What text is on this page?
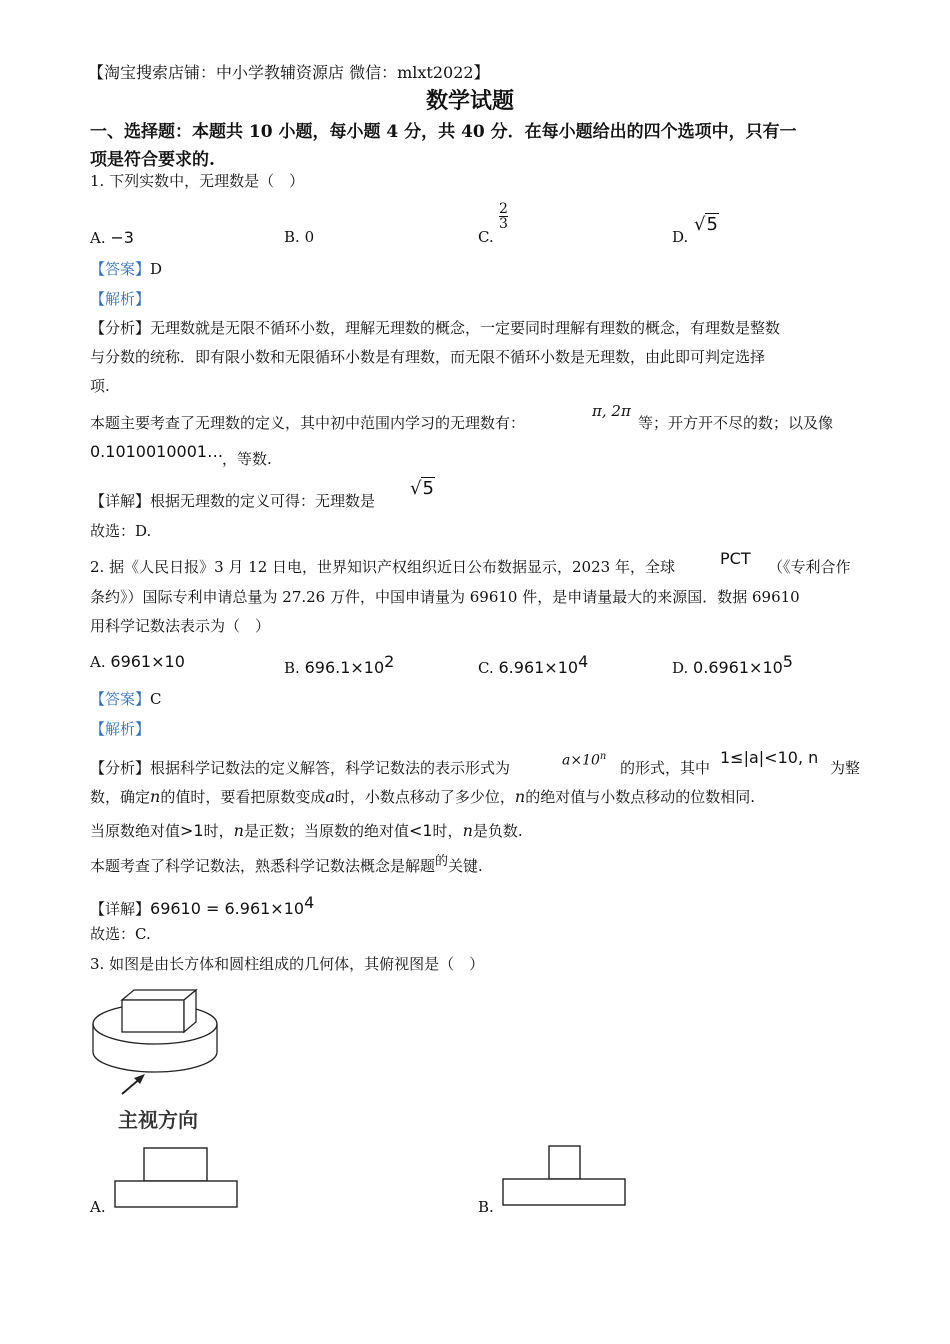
【淘宝搜索店铺：中小学教辅资源店 微信：mlxt2022】
数学试题
一、选择题：本题共 10 小题，每小题 4 分，共 40 分．在每小题给出的四个选项中，只有一
项是符合要求的.
1. 下列实数中，无理数是（　）
A. −3	B. 0	C.
$\frac{2}{3}$
D.
√5
【答案】D
【解析】
【分析】无理数就是无限不循环小数，理解无理数的概念，一定要同时理解有理数的概念，有理数是整数
与分数的统称．即有限小数和无限循环小数是有理数，而无限不循环小数是无理数，由此即可判定选择
项.
本题主要考查了无理数的定义，其中初中范围内学习的无理数有：
π, 2π
等；开方开不尽的数；以及像
0.1010010001…
，等数.
【详解】根据无理数的定义可得：无理数是
√5
故选：D.
2. 据《人民日报》3 月 12 日电，世界知识产权组织近日公布数据显示，2023 年，全球	PCT （《专利合作
条约》）国际专利申请总量为 27.26 万件，中国申请量为 69610 件，是申请量最大的来源国．数据 69610
用科学记数法表示为（　）
A. 6961×10	B. $696.1\times 10^2$	C. $6.961\times 10^4$	D. $0.6961\times 10^5$
【答案】C
【解析】
【分析】根据科学记数法的定义解答，科学记数法的表示形式为	$a\times 10^n$
的形式，其中
1≤|a|<10, n
为整
数，确定n的值时，要看把原数变成a时，小数点移动了多少位，n的绝对值与小数点移动的位数相同.
当原数绝对值>1时，n是正数；当原数的绝对值<1时，n是负数.
本题考查了科学记数法，熟悉科学记数法概念是解题的关键.
【详解】$69610 = 6.961\times 10^4$
故选：C.
3. 如图是由长方体和圆柱组成的几何体，其俯视图是（　）
主视方向
A.	B.
